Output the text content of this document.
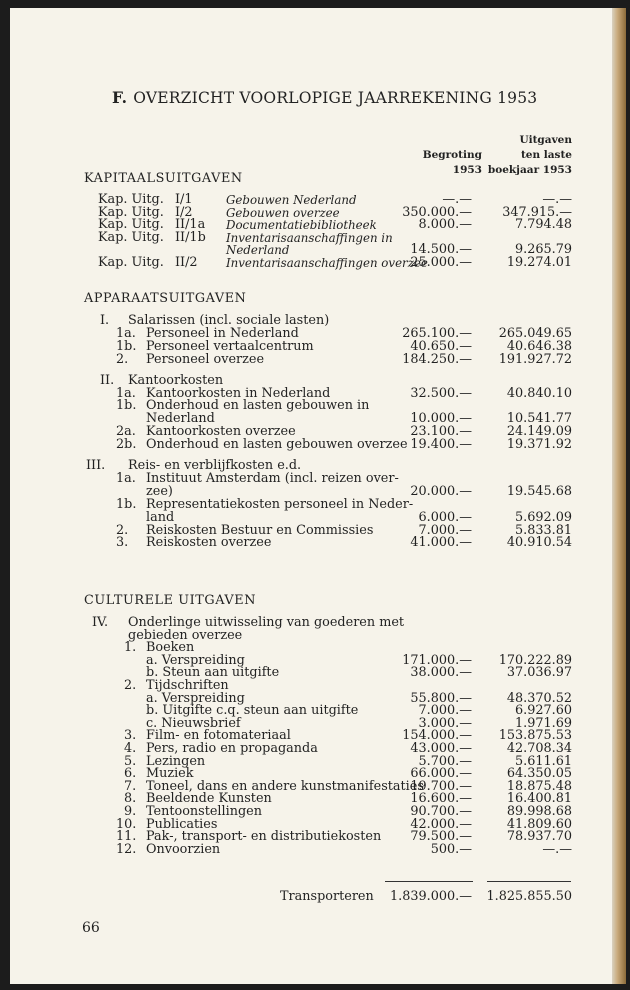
F. OVERZICHT VOORLOPIGE JAARREKENING 1953
Begroting
1953
Uitgaven
ten laste
boekjaar 1953
KAPITAALSUITGAVEN
Kap. Uitg. I/1	Gebouwen Nederland	—.—	—.—
Kap. Uitg. I/2	Gebouwen overzee	350.000.— 347.915.—
Kap. Uitg. II/1a Documentatiebibliotheek	8.000.—	7.794.48
Kap. Uitg. II/1b Inventarisaanschaffingen in
Nederland	14.500.—	9.265.79
Kap. Uitg. II/2 Inventarisaanschaffingen overzee
25.000.—	19.274.01
APPARAATSUITGAVEN
I. Salarissen (incl. sociale lasten)
1a. Personeel in Nederland	265.100.— 265.049.65
1b. Personeel vertaalcentrum	40.650.—	40.646.38
2. Personeel overzee	184.250.— 191.927.72
II. Kantoorkosten
1a. Kantoorkosten in Nederland	32.500.—	40.840.10
1b. Onderhoud en lasten gebouwen in
Nederland	10.000.—	10.541.77
2a. Kantoorkosten overzee	23.100.—	24.149.09
2b. Onderhoud en lasten gebouwen overzee 19.400.—	19.371.92
III. Reis- en verblijfkosten e.d.
1a. Instituut Amsterdam (incl. reizen over-
zee)	20.000.—	19.545.68
1b. Representatiekosten personeel in Neder-
land	6.000.—	5.692.09
2. Reiskosten Bestuur en Commissies	7.000.—	5.833.81
3. Reiskosten overzee	41.000.—	40.910.54
CULTURELE UITGAVEN
IV. Onderlinge uitwisseling van goederen met
gebieden overzee
1. Boeken
a. Verspreiding	171.000.— 170.222.89
b. Steun aan uitgifte	38.000.—	37.036.97
2. Tijdschriften
a. Verspreiding	55.800.—	48.370.52
b. Uitgifte c.q. steun aan uitgifte	7.000.—	6.927.60
c. Nieuwsbrief	3.000.—	1.971.69
3. Film- en fotomateriaal	154.000.— 153.875.53
4. Pers, radio en propaganda	43.000.—	42.708.34
5. Lezingen	5.700.—	5.611.61
6. Muziek	66.000.—	64.350.05
7. Toneel, dans en andere kunstmanifestaties
19.700.—	18.875.48
8. Beeldende Kunsten	16.600.—	16.400.81
9. Tentoonstellingen	90.700.—	89.998.68
10. Publicaties	42.000.—	41.809.60
11. Pak-, transport- en distributiekosten 79.500.—	78.937.70
12. Onvoorzien	500.—	—.—
Transporteren 1.839.000.— 1.825.855.50
66
